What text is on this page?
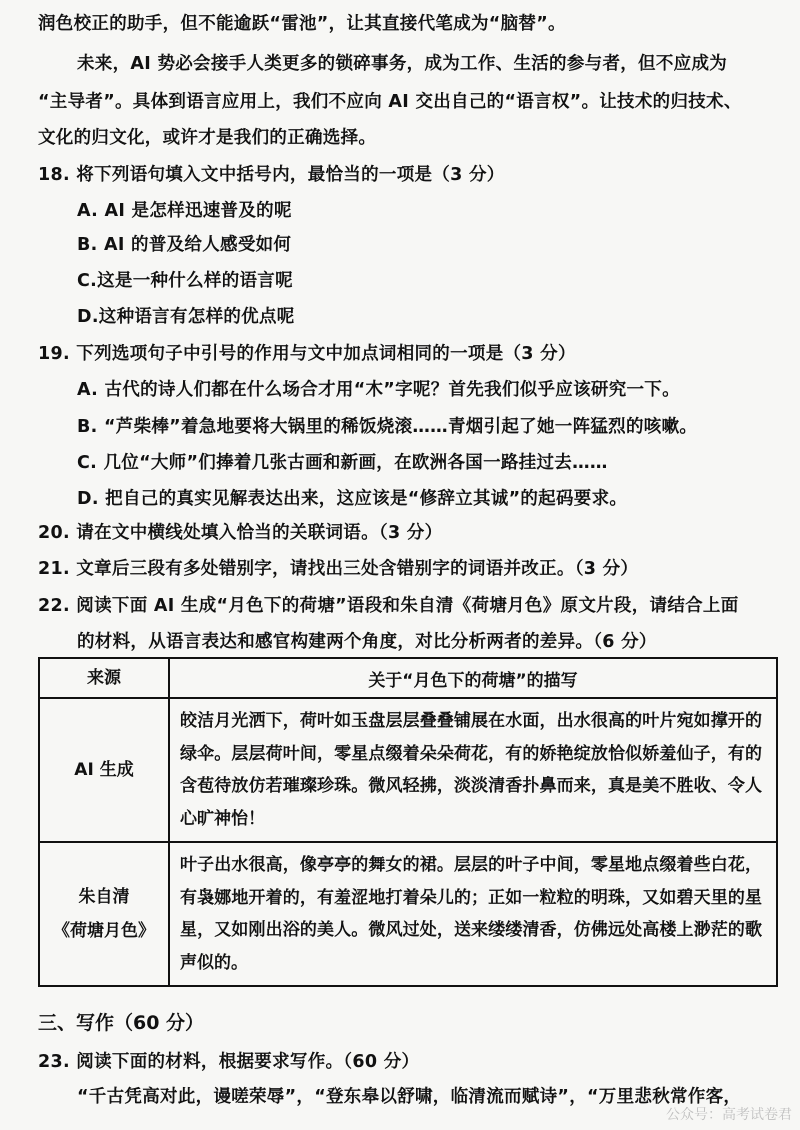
润色校正的助手，但不能逾跃“雷池”，让其直接代笔成为“脑替”。
未来，AI 势必会接手人类更多的锁碎事务，成为工作、生活的参与者，但不应成为
“主导者”。具体到语言应用上，我们不应向 AI 交出自己的“语言权”。让技术的归技术、
文化的归文化，或许才是我们的正确选择。
18. 将下列语句填入文中括号内，最恰当的一项是（3 分）
A. AI 是怎样迅速普及的呢
B. AI 的普及给人感受如何
C.这是一种什么样的语言呢
D.这种语言有怎样的优点呢
19. 下列选项句子中引号的作用与文中加点词相同的一项是（3 分）
A. 古代的诗人们都在什么场合才用“木”字呢？首先我们似乎应该研究一下。
B. “芦柴棒”着急地要将大锅里的稀饭烧滚……青烟引起了她一阵猛烈的咳嗽。
C. 几位“大师”们捧着几张古画和新画，在欧洲各国一路挂过去……
D. 把自己的真实见解表达出来，这应该是“修辞立其诚”的起码要求。
20. 请在文中横线处填入恰当的关联词语。（3 分）
21. 文章后三段有多处错别字，请找出三处含错别字的词语并改正。（3 分）
22. 阅读下面 AI 生成“月色下的荷塘”语段和朱自清《荷塘月色》原文片段，请结合上面
的材料，从语言表达和感官构建两个角度，对比分析两者的差异。（6 分）
来源	关于“月色下的荷塘”的描写

AI 生成	皎洁月光洒下，荷叶如玉盘层层叠叠铺展在水面，出水很高的叶片宛如撑开的绿伞。层层荷叶间，零星点缀着朵朵荷花，有的娇艳绽放恰似娇羞仙子，有的含苞待放仿若璀璨珍珠。微风轻拂，淡淡清香扑鼻而来，真是美不胜收、令人心旷神怡！

朱自清
《荷塘月色》	叶子出水很高，像亭亭的舞女的裙。层层的叶子中间，零星地点缀着些白花，有袅娜地开着的，有羞涩地打着朵儿的；正如一粒粒的明珠，又如碧天里的星星，又如刚出浴的美人。微风过处，送来缕缕清香，仿佛远处高楼上渺茫的歌声似的。
三、写作（60 分）
23. 阅读下面的材料，根据要求写作。（60 分）
“千古凭高对此，谩嗟荣辱”，“登东皋以舒啸，临清流而赋诗”，“万里悲秋常作客，
公众号：高考试卷君
